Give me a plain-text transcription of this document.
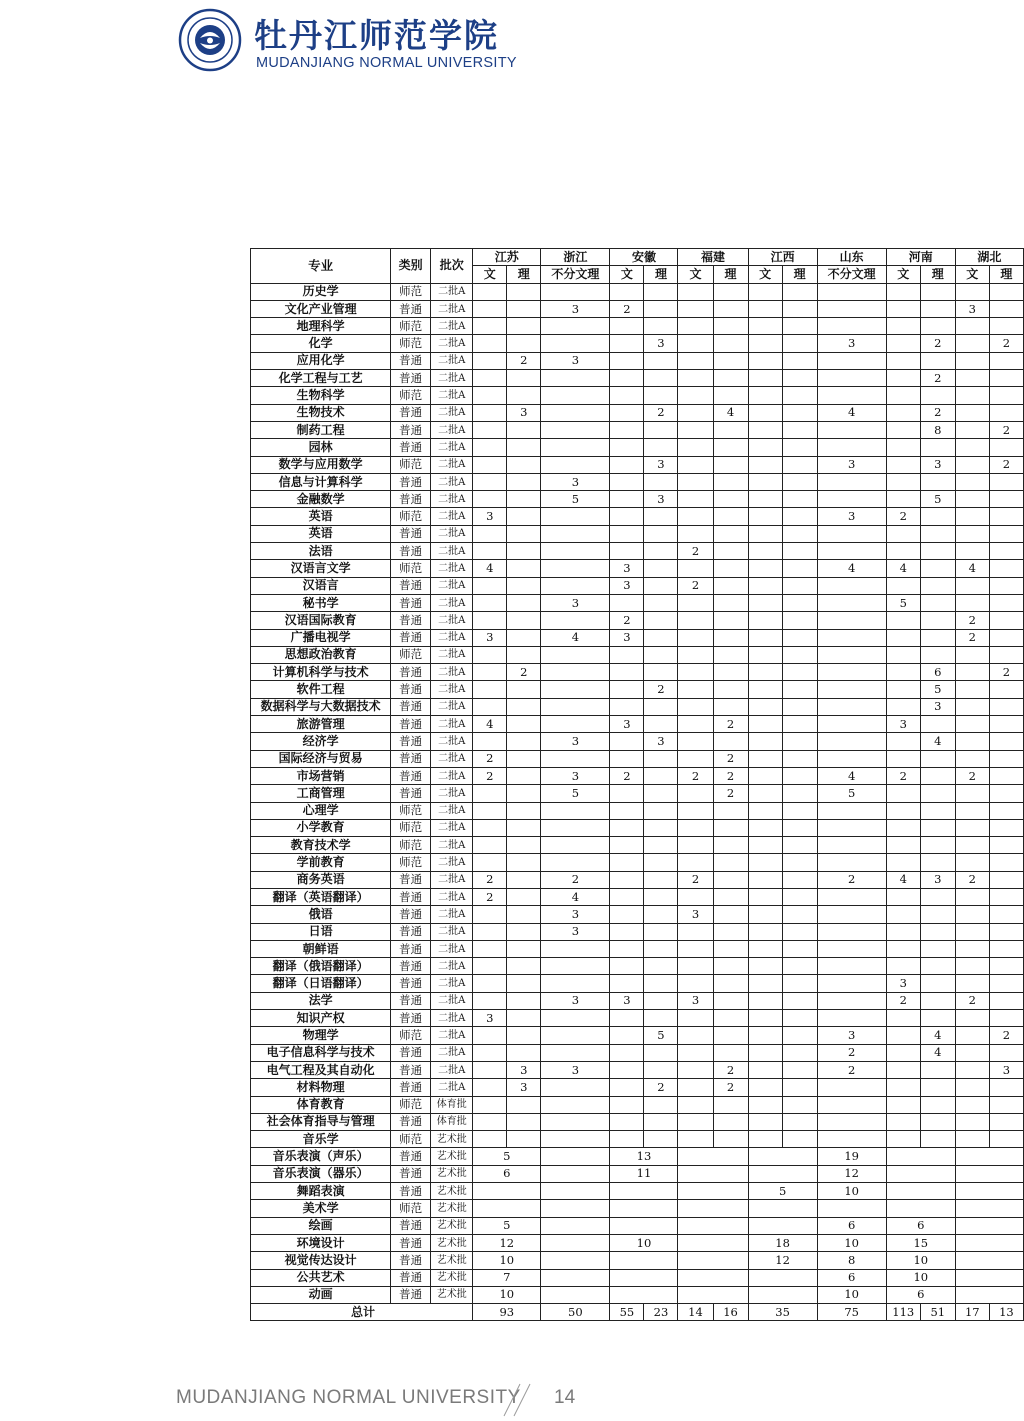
牡丹江师范学院
MUDANJIANG NORMAL UNIVERSITY
专业	类别	批次	江苏		浙江	安徽		福建		江西		山东	河南		湖北	
			文	理	不分文理	文	理	文	理	文	理	不分文理	文	理	文	理
历史学	师范	二批A														
文化产业管理	普通	二批A			3	2									3	
地理科学	师范	二批A														
化学	师范	二批A					3					3		2		2
应用化学	普通	二批A		2	3											
化学工程与工艺	普通	二批A												2		
生物科学	师范	二批A														
生物技术	普通	二批A		3			2		4			4		2		
制药工程	普通	二批A												8		2
园林	普通	二批A														
数学与应用数学	师范	二批A					3					3		3		2
信息与计算科学	普通	二批A			3											
金融数学	普通	二批A			5		3							5		
英语	师范	二批A	3									3	2			
英语	普通	二批A														
法语	普通	二批A						2								
汉语言文学	师范	二批A	4			3						4	4		4	
汉语言	普通	二批A				3		2								
秘书学	普通	二批A			3								5			
汉语国际教育	普通	二批A				2									2	
广播电视学	普通	二批A	3		4	3									2	
思想政治教育	师范	二批A														
计算机科学与技术	普通	二批A		2										6		2
软件工程	普通	二批A					2							5		
数据科学与大数据技术	普通	二批A												3		
旅游管理	普通	二批A	4			3			2				3			
经济学	普通	二批A			3		3							4		
国际经济与贸易	普通	二批A	2						2							
市场营销	普通	二批A	2		3	2		2	2			4	2		2	
工商管理	普通	二批A			5				2			5				
心理学	师范	二批A														
小学教育	师范	二批A														
教育技术学	师范	二批A														
学前教育	师范	二批A														
商务英语	普通	二批A	2		2			2				2	4	3	2	
翻译（英语翻译）	普通	二批A	2		4											
俄语	普通	二批A			3			3								
日语	普通	二批A			3											
朝鲜语	普通	二批A														
翻译（俄语翻译）	普通	二批A														
翻译（日语翻译）	普通	二批A											3			
法学	普通	二批A			3	3		3					2		2	
知识产权	普通	二批A	3													
物理学	师范	二批A					5					3		4		2
电子信息科学与技术	普通	二批A										2		4		
电气工程及其自动化	普通	二批A		3	3				2			2				3
材料物理	普通	二批A		3			2		2							
体育教育	师范	体育批														
社会体育指导与管理	普通	体育批														
音乐学	师范	艺术批														
音乐表演（声乐）	普通	艺术批	5			13						19				
音乐表演（器乐）	普通	艺术批	6			11						12				
舞蹈表演	普通	艺术批								5		10				
美术学	师范	艺术批														
绘画	普通	艺术批	5									6	6			
环境设计	普通	艺术批	12			10				18		10	15			
视觉传达设计	普通	艺术批	10							12		8	10			
公共艺术	普通	艺术批	7									6	10			
动画	普通	艺术批	10									10	6			
总计			93		50	55	23	14	16	35		75	113	51	17	13
MUDANJIANG NORMAL UNIVERSITY 14
